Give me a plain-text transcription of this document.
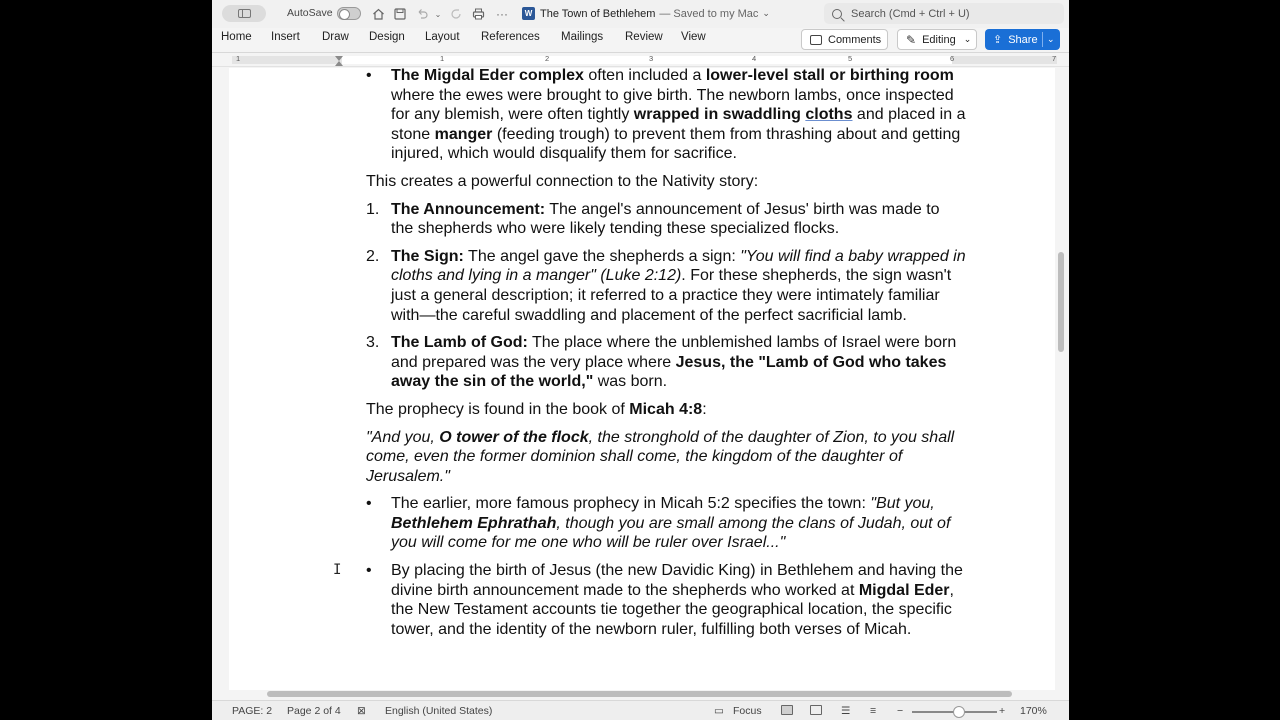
AutoSave	⌄	···	W The Town of Bethlehem — Saved to my Mac ⌄	Search (Cmd + Ctrl + U)
Home Insert Draw Design Layout References Mailings Review View	Comments ✎ Editing ⌄ ⇪ Share ⌄
1	1	2	3	4	5	6	7
• The Migdal Eder complex often included a lower-level stall or birthing room where the ewes were brought to give birth. The newborn lambs, once inspected for any blemish, were often tightly wrapped in swaddling cloths and placed in a stone manger (feeding trough) to prevent them from thrashing about and getting injured, which would disqualify them for sacrifice.

This creates a powerful connection to the Nativity story:

1. The Announcement: The angel's announcement of Jesus' birth was made to the shepherds who were likely tending these specialized flocks.
2. The Sign: The angel gave the shepherds a sign: "You will find a baby wrapped in cloths and lying in a manger" (Luke 2:12). For these shepherds, the sign wasn't just a general description; it referred to a practice they were intimately familiar with—the careful swaddling and placement of the perfect sacrificial lamb.
3. The Lamb of God: The place where the unblemished lambs of Israel were born and prepared was the very place where Jesus, the "Lamb of God who takes away the sin of the world," was born.

The prophecy is found in the book of Micah 4:8:

"And you, O tower of the flock, the stronghold of the daughter of Zion, to you shall come, even the former dominion shall come, the kingdom of the daughter of Jerusalem."

• The earlier, more famous prophecy in Micah 5:2 specifies the town: "But you, Bethlehem Ephrathah, though you are small among the clans of Judah, out of you will come for me one who will be ruler over Israel..."
• By placing the birth of Jesus (the new Davidic King) in Bethlehem and having the divine birth announcement made to the shepherds who worked at Migdal Eder, the New Testament accounts tie together the geographical location, the specific tower, and the identity of the newborn ruler, fulfilling both verses of Micah.
PAGE: 2 Page 2 of 4 ⊠ English (United States)	▭ Focus	☰ ≡ −	+ 170%
I
